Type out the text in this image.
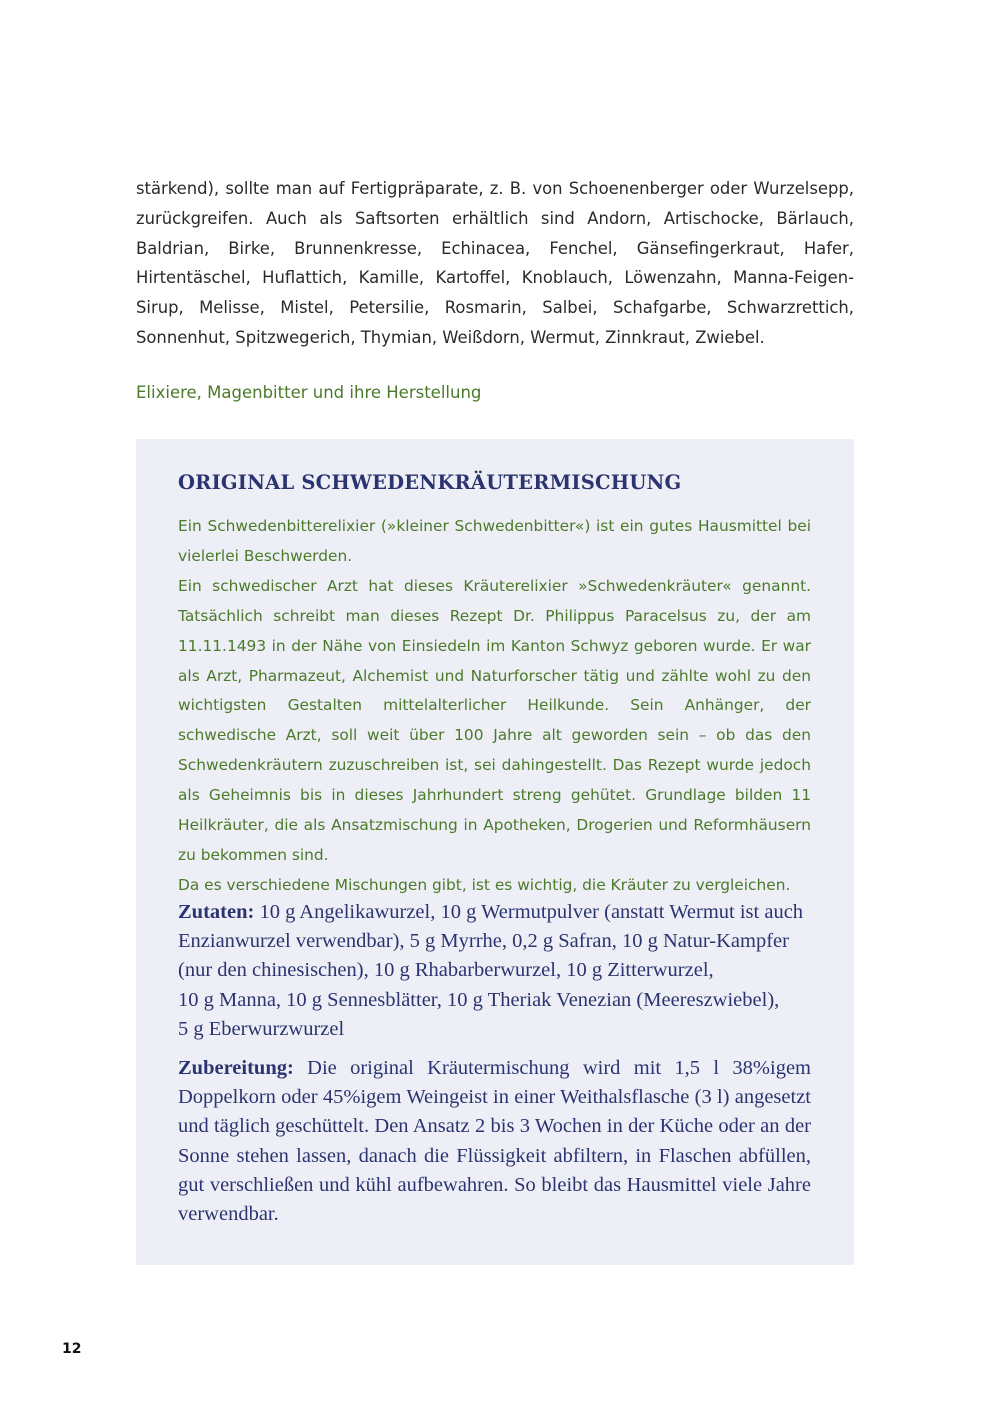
stärkend), sollte man auf Fertigpräparate, z. B. von Schoenenberger oder Wurzelsepp, zurückgreifen. Auch als Saftsorten erhältlich sind Andorn, Artischocke, Bärlauch, Baldrian, Birke, Brunnenkresse, Echinacea, Fenchel, Gänsefingerkraut, Hafer, Hirtentäschel, Huflattich, Kamille, Kartoffel, Knoblauch, Löwenzahn, Manna-Feigen-Sirup, Melisse, Mistel, Petersilie, Rosmarin, Salbei, Schafgarbe, Schwarzrettich, Sonnenhut, Spitzwegerich, Thymian, Weißdorn, Wermut, Zinnkraut, Zwiebel.

Elixiere, Magenbitter und ihre Herstellung
ORIGINAL SCHWEDENKRÄUTERMISCHUNG

Ein Schwedenbitterelixier (»kleiner Schwedenbitter«) ist ein gutes Hausmittel bei vielerlei Beschwerden.
Ein schwedischer Arzt hat dieses Kräuterelixier »Schwedenkräuter« genannt. Tatsächlich schreibt man dieses Rezept Dr. Philippus Paracelsus zu, der am 11.11.1493 in der Nähe von Einsiedeln im Kanton Schwyz geboren wurde. Er war als Arzt, Pharmazeut, Alchemist und Naturforscher tätig und zählte wohl zu den wichtigsten Gestalten mittelalterlicher Heilkunde. Sein Anhänger, der schwedische Arzt, soll weit über 100 Jahre alt geworden sein – ob das den Schwedenkräutern zuzuschreiben ist, sei dahingestellt. Das Rezept wurde jedoch als Geheimnis bis in dieses Jahrhundert streng gehütet. Grundlage bilden 11 Heilkräuter, die als Ansatzmischung in Apotheken, Drogerien und Reformhäusern zu bekommen sind.
Da es verschiedene Mischungen gibt, ist es wichtig, die Kräuter zu vergleichen.

Zutaten: 10 g Angelikawurzel, 10 g Wermutpulver (anstatt Wermut ist auch
Enzianwurzel verwendbar), 5 g Myrrhe, 0,2 g Safran, 10 g Natur-Kampfer
(nur den chinesischen), 10 g Rhabarberwurzel, 10 g Zitterwurzel,
10 g Manna, 10 g Sennesblätter, 10 g Theriak Venezian (Meereszwiebel),
5 g Eberwurzwurzel

Zubereitung: Die original Kräutermischung wird mit 1,5 l 38%igem Doppelkorn oder 45%igem Weingeist in einer Weithalsflasche (3 l) angesetzt und täglich geschüttelt. Den Ansatz 2 bis 3 Wochen in der Küche oder an der Sonne stehen lassen, danach die Flüssigkeit abfiltern, in Flaschen abfüllen, gut verschließen und kühl aufbewahren. So bleibt das Hausmittel viele Jahre verwendbar.

12
